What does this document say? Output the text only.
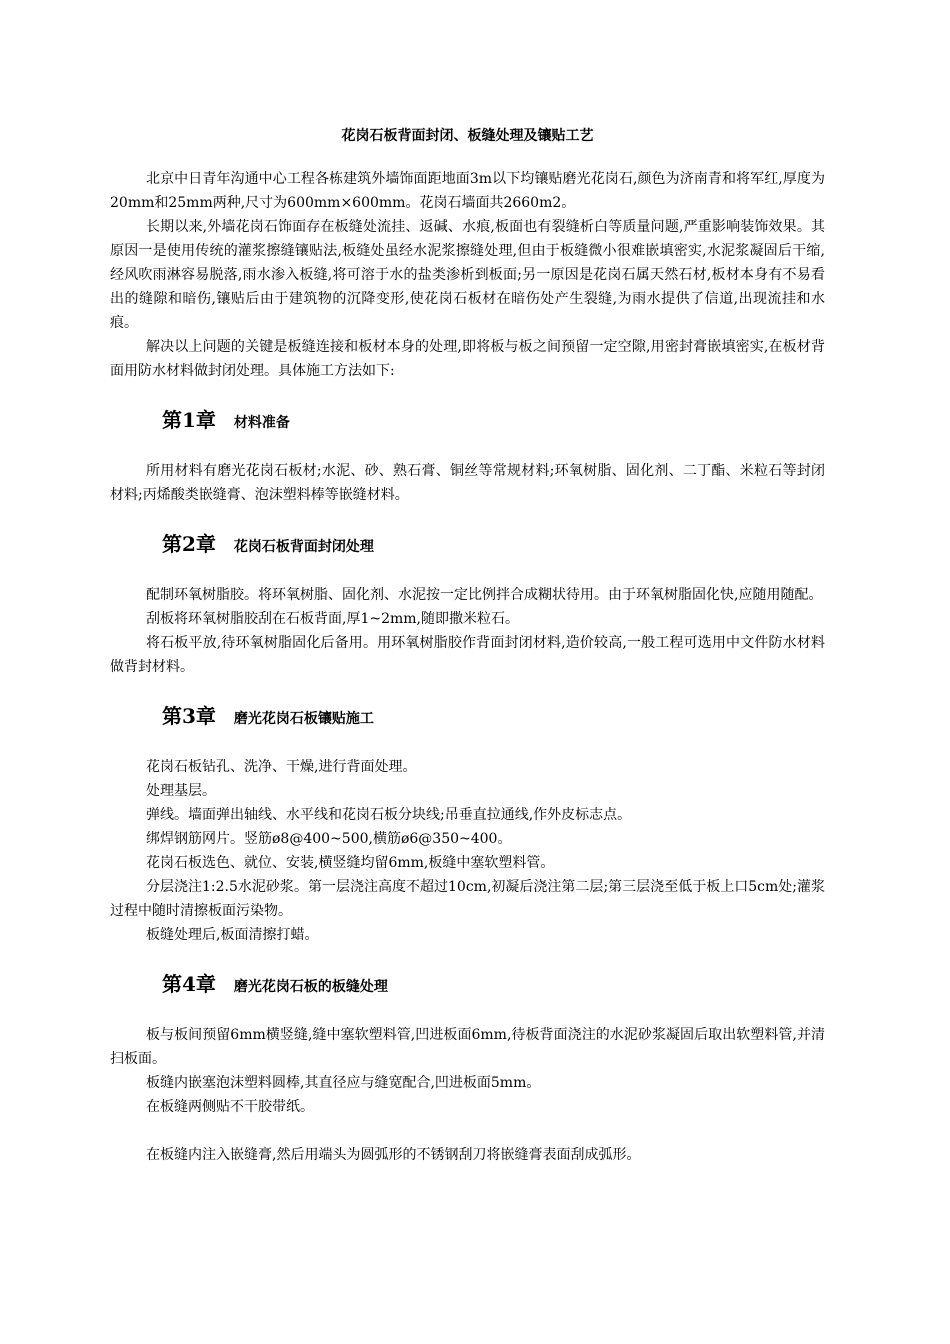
花岗石板背面封闭、板缝处理及镶贴工艺

北京中日青年沟通中心工程各栋建筑外墙饰面距地面3m以下均镶贴磨光花岗石,颜色为济南青和将军红,厚度为20mm和25mm两种,尺寸为600mm×600mm。花岗石墙面共2660m2。

长期以来,外墙花岗石饰面存在板缝处流挂、返碱、水痕,板面也有裂缝析白等质量问题,严重影响装饰效果。其原因一是使用传统的灌浆擦缝镶贴法,板缝处虽经水泥浆擦缝处理,但由于板缝微小很难嵌填密实,水泥浆凝固后干缩,经风吹雨淋容易脱落,雨水渗入板缝,将可溶于水的盐类渗析到板面;另一原因是花岗石属天然石材,板材本身有不易看出的缝隙和暗伤,镶贴后由于建筑物的沉降变形,使花岗石板材在暗伤处产生裂缝,为雨水提供了信道,出现流挂和水痕。

解决以上问题的关键是板缝连接和板材本身的处理,即将板与板之间预留一定空隙,用密封膏嵌填密实,在板材背面用防水材料做封闭处理。具体施工方法如下:

第1章 材料准备

所用材料有磨光花岗石板材;水泥、砂、熟石膏、铜丝等常规材料;环氧树脂、固化剂、二丁酯、米粒石等封闭材料;丙烯酸类嵌缝膏、泡沫塑料棒等嵌缝材料。

第2章 花岗石板背面封闭处理

配制环氧树脂胶。将环氧树脂、固化剂、水泥按一定比例拌合成糊状待用。由于环氧树脂固化快,应随用随配。

刮板将环氧树脂胶刮在石板背面,厚1~2mm,随即撒米粒石。

将石板平放,待环氧树脂固化后备用。用环氧树脂胶作背面封闭材料,造价较高,一般工程可选用中文件防水材料做背封材料。

第3章 磨光花岗石板镶贴施工

花岗石板钻孔、洗净、干燥,进行背面处理。

处理基层。

弹线。墙面弹出轴线、水平线和花岗石板分块线;吊垂直拉通线,作外皮标志点。

绑焊钢筋网片。竖筋ø8@400~500,横筋ø6@350~400。

花岗石板选色、就位、安装,横竖缝均留6mm,板缝中塞软塑料管。

分层浇注1:2.5水泥砂浆。第一层浇注高度不超过10cm,初凝后浇注第二层;第三层浇至低于板上口5cm处;灌浆过程中随时清擦板面污染物。

板缝处理后,板面清擦打蜡。

第4章 磨光花岗石板的板缝处理

板与板间预留6mm横竖缝,缝中塞软塑料管,凹进板面6mm,待板背面浇注的水泥砂浆凝固后取出软塑料管,并清扫板面。

板缝内嵌塞泡沫塑料圆棒,其直径应与缝宽配合,凹进板面5mm。

在板缝两侧贴不干胶带纸。

在板缝内注入嵌缝膏,然后用端头为圆弧形的不锈钢刮刀将嵌缝膏表面刮成弧形。
